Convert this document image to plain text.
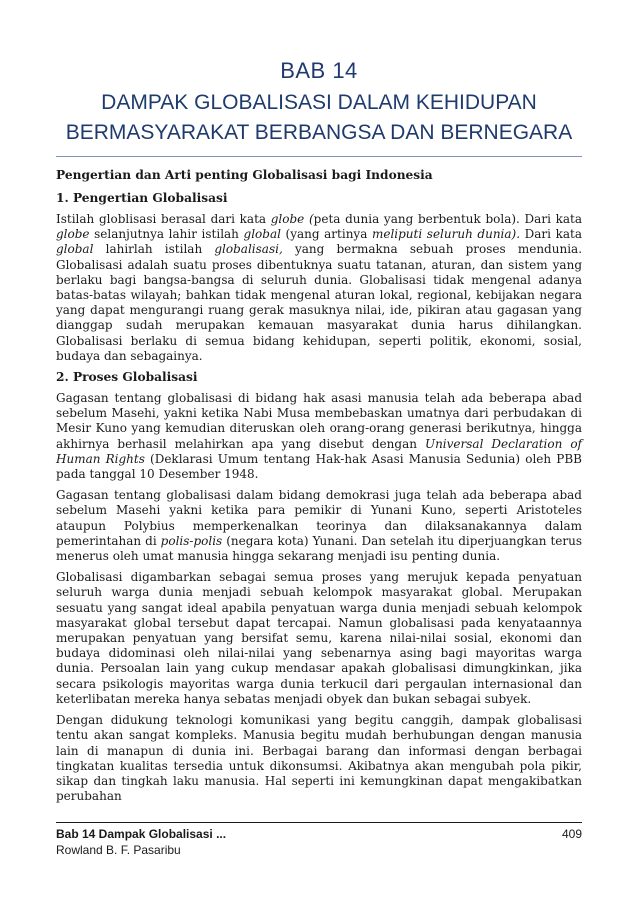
BAB 14
DAMPAK GLOBALISASI DALAM KEHIDUPAN
BERMASYARAKAT BERBANGSA DAN BERNEGARA
Pengertian dan Arti penting Globalisasi bagi Indonesia
1. Pengertian Globalisasi

Istilah globlisasi berasal dari kata globe (peta dunia yang berbentuk bola). Dari kata globe selanjutnya lahir istilah global (yang artinya meliputi seluruh dunia). Dari kata global lahirlah istilah globalisasi, yang bermakna sebuah proses mendunia. Globalisasi adalah suatu proses dibentuknya suatu tatanan, aturan, dan sistem yang berlaku bagi bangsa-bangsa di seluruh dunia. Globalisasi tidak mengenal adanya batas-batas wilayah; bahkan tidak mengenal aturan lokal, regional, kebijakan negara yang dapat mengurangi ruang gerak masuknya nilai, ide, pikiran atau gagasan yang dianggap sudah merupakan kemauan masyarakat dunia harus dihilangkan. Globalisasi berlaku di semua bidang kehidupan, seperti politik, ekonomi, sosial, budaya dan sebagainya.

2. Proses Globalisasi

Gagasan tentang globalisasi di bidang hak asasi manusia telah ada beberapa abad sebelum Masehi, yakni ketika Nabi Musa membebaskan umatnya dari perbudakan di Mesir Kuno yang kemudian diteruskan oleh orang-orang generasi berikutnya, hingga akhirnya berhasil melahirkan apa yang disebut dengan Universal Declaration of Human Rights (Deklarasi Umum tentang Hak-hak Asasi Manusia Sedunia) oleh PBB pada tanggal 10 Desember 1948.

Gagasan tentang globalisasi dalam bidang demokrasi juga telah ada beberapa abad sebelum Masehi yakni ketika para pemikir di Yunani Kuno, seperti Aristoteles ataupun Polybius memperkenalkan teorinya dan dilaksanakannya dalam pemerintahan di polis-polis (negara kota) Yunani. Dan setelah itu diperjuangkan terus menerus oleh umat manusia hingga sekarang menjadi isu penting dunia.

Globalisasi digambarkan sebagai semua proses yang merujuk kepada penyatuan seluruh warga dunia menjadi sebuah kelompok masyarakat global. Merupakan sesuatu yang sangat ideal apabila penyatuan warga dunia menjadi sebuah kelompok masyarakat global tersebut dapat tercapai. Namun globalisasi pada kenyataannya merupakan penyatuan yang bersifat semu, karena nilai-nilai sosial, ekonomi dan budaya didominasi oleh nilai-nilai yang sebenarnya asing bagi mayoritas warga dunia. Persoalan lain yang cukup mendasar apakah globalisasi dimungkinkan, jika secara psikologis mayoritas warga dunia terkucil dari pergaulan internasional dan keterlibatan mereka hanya sebatas menjadi obyek dan bukan sebagai subyek.

Dengan didukung teknologi komunikasi yang begitu canggih, dampak globalisasi tentu akan sangat kompleks. Manusia begitu mudah berhubungan dengan manusia lain di manapun di dunia ini. Berbagai barang dan informasi dengan berbagai tingkatan kualitas tersedia untuk dikonsumsi. Akibatnya akan mengubah pola pikir, sikap dan tingkah laku manusia. Hal seperti ini kemungkinan dapat mengakibatkan perubahan

Bab 14 Dampak Globalisasi ...
Rowland B. F. Pasaribu
409
